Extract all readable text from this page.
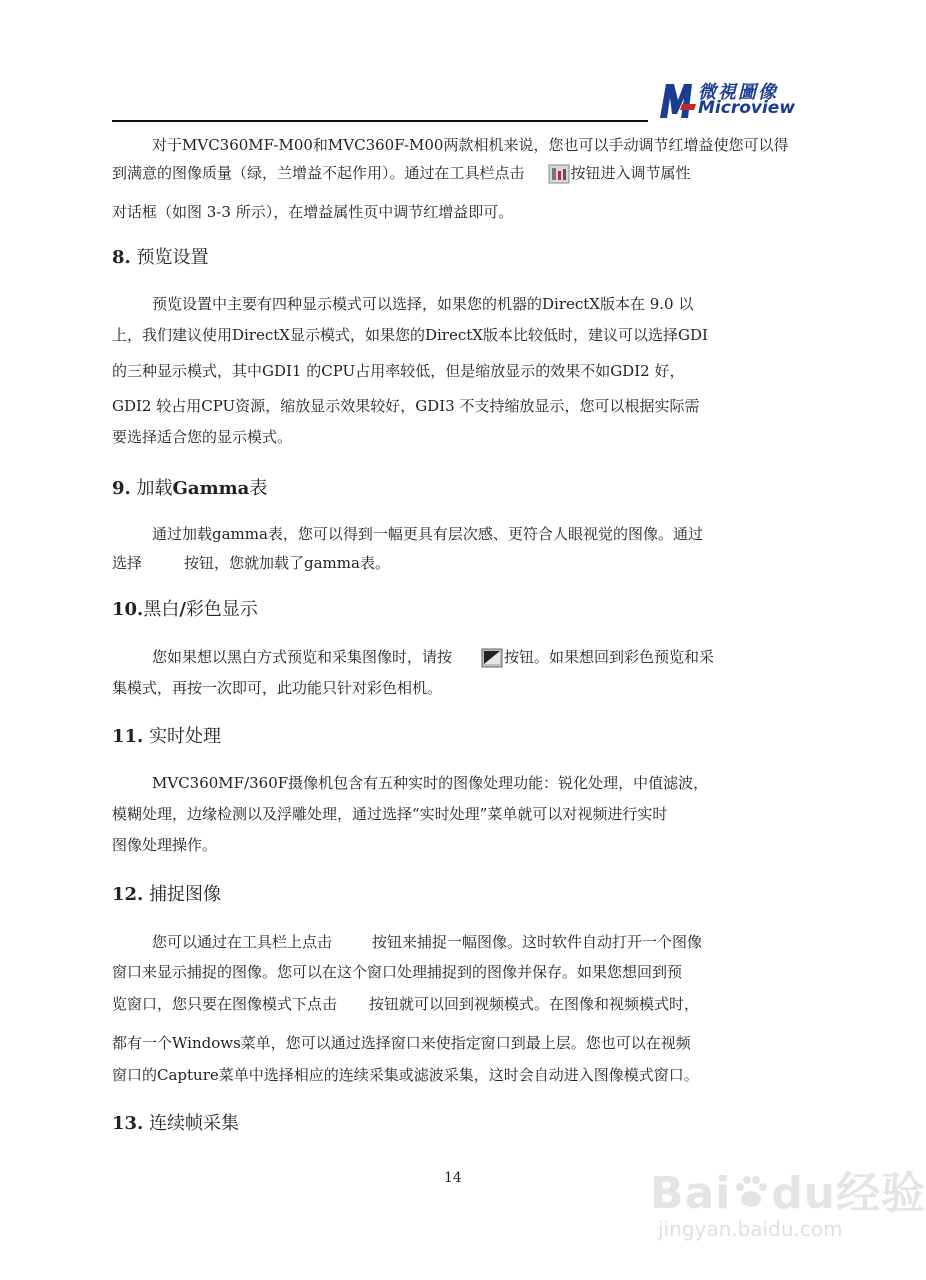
微視圖像
Microview
对于MVC360MF-M00和MVC360F-M00两款相机来说，您也可以手动调节红增益使您可以得
到满意的图像质量（绿，兰增益不起作用）。通过在工具栏点击	按钮进入调节属性
对话框（如图 3-3 所示），在增益属性页中调节红增益即可。
8. 预览设置
预览设置中主要有四种显示模式可以选择，如果您的机器的DirectX版本在 9.0 以
上，我们建议使用DirectX显示模式，如果您的DirectX版本比较低时，建议可以选择GDI
的三种显示模式，其中GDI1 的CPU占用率较低，但是缩放显示的效果不如GDI2 好，
GDI2 较占用CPU资源，缩放显示效果较好，GDI3 不支持缩放显示，您可以根据实际需
要选择适合您的显示模式。
9. 加载Gamma表
通过加载gamma表，您可以得到一幅更具有层次感、更符合人眼视觉的图像。通过
选择	按钮，您就加载了gamma表。
10.黑白/彩色显示
您如果想以黑白方式预览和采集图像时，请按	按钮。如果想回到彩色预览和采
集模式，再按一次即可，此功能只针对彩色相机。
11. 实时处理
MVC360MF/360F摄像机包含有五种实时的图像处理功能：锐化处理，中值滤波，
模糊处理，边缘检测以及浮雕处理，通过选择“实时处理”菜单就可以对视频进行实时
图像处理操作。
12. 捕捉图像
您可以通过在工具栏上点击	按钮来捕捉一幅图像。这时软件自动打开一个图像
窗口来显示捕捉的图像。您可以在这个窗口处理捕捉到的图像并保存。如果您想回到预
览窗口，您只要在图像模式下点击 按钮就可以回到视频模式。在图像和视频模式时，
都有一个Windows菜单，您可以通过选择窗口来使指定窗口到最上层。您也可以在视频
窗口的Capture菜单中选择相应的连续采集或滤波采集，这时会自动进入图像模式窗口。
13. 连续帧采集
14	Bai du经验
jingyan.baidu.com
